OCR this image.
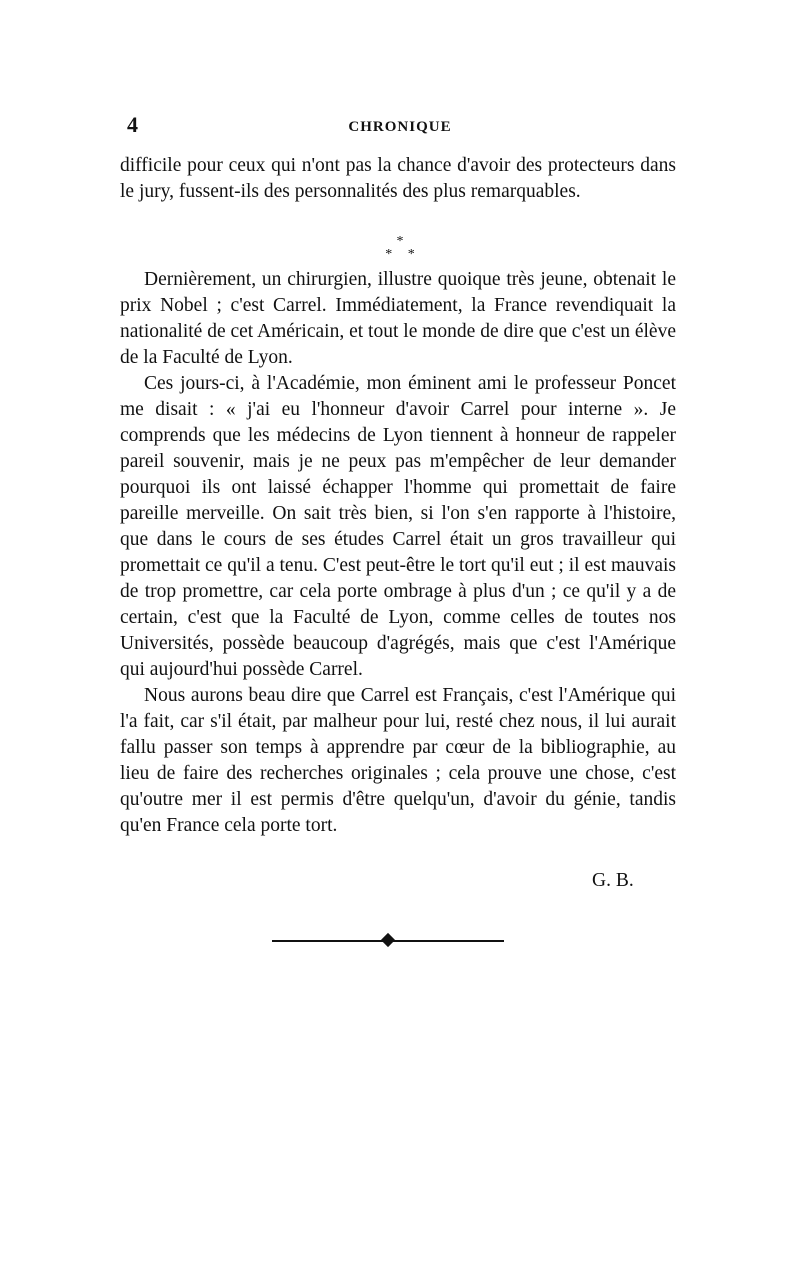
4	CHRONIQUE

difficile pour ceux qui n'ont pas la chance d'avoir des protecteurs dans le jury, fussent-ils des personnalités des plus remarquables.

*
* *

Dernièrement, un chirurgien, illustre quoique très jeune, obtenait le prix Nobel ; c'est Carrel. Immédiatement, la France revendiquait la nationalité de cet Américain, et tout le monde de dire que c'est un élève de la Faculté de Lyon.

Ces jours-ci, à l'Académie, mon éminent ami le professeur Poncet me disait : « j'ai eu l'honneur d'avoir Carrel pour interne ». Je comprends que les médecins de Lyon tiennent à honneur de rappeler pareil souvenir, mais je ne peux pas m'empêcher de leur demander pourquoi ils ont laissé échapper l'homme qui promettait de faire pareille merveille. On sait très bien, si l'on s'en rapporte à l'histoire, que dans le cours de ses études Carrel était un gros travailleur qui promettait ce qu'il a tenu. C'est peut-être le tort qu'il eut ; il est mauvais de trop promettre, car cela porte ombrage à plus d'un ; ce qu'il y a de certain, c'est que la Faculté de Lyon, comme celles de toutes nos Universités, possède beaucoup d'agrégés, mais que c'est l'Amérique qui aujourd'hui possède Carrel.

Nous aurons beau dire que Carrel est Français, c'est l'Amérique qui l'a fait, car s'il était, par malheur pour lui, resté chez nous, il lui aurait fallu passer son temps à apprendre par cœur de la bibliographie, au lieu de faire des recherches originales ; cela prouve une chose, c'est qu'outre mer il est permis d'être quelqu'un, d'avoir du génie, tandis qu'en France cela porte tort.

G. B.
